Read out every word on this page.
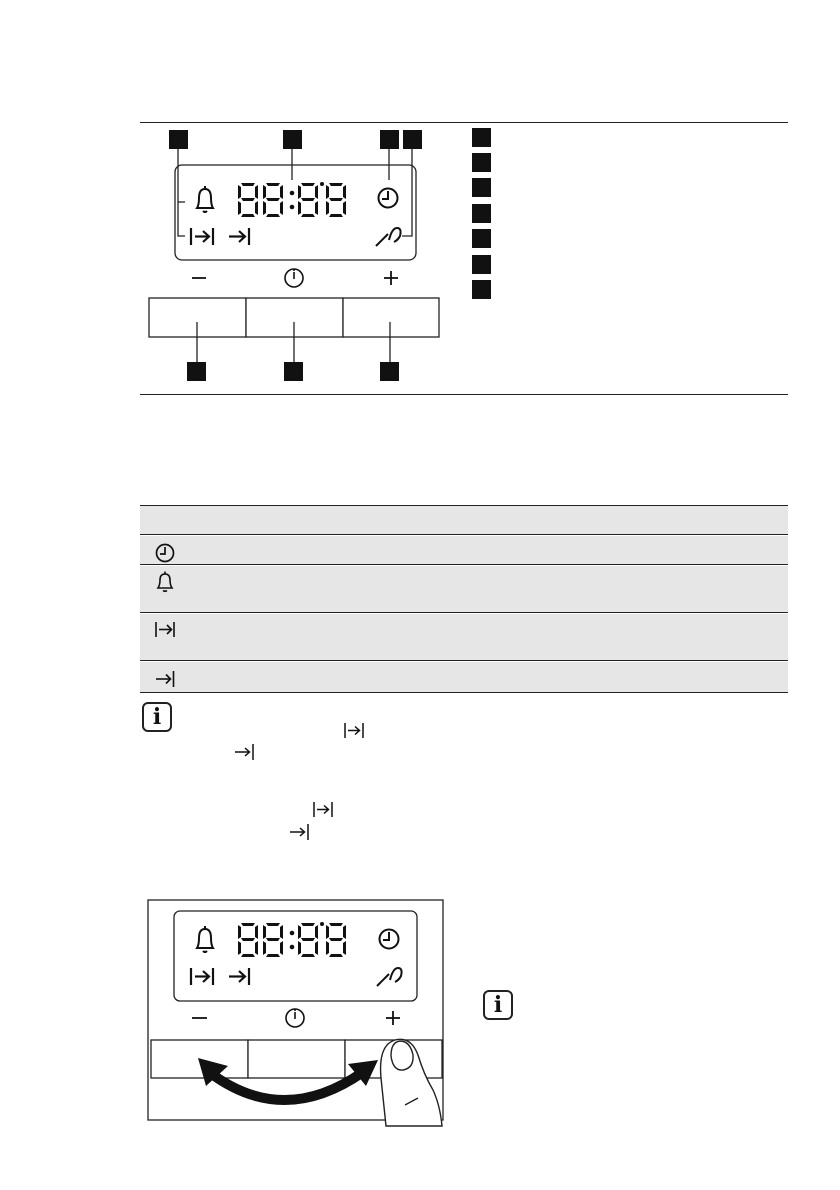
i
i
